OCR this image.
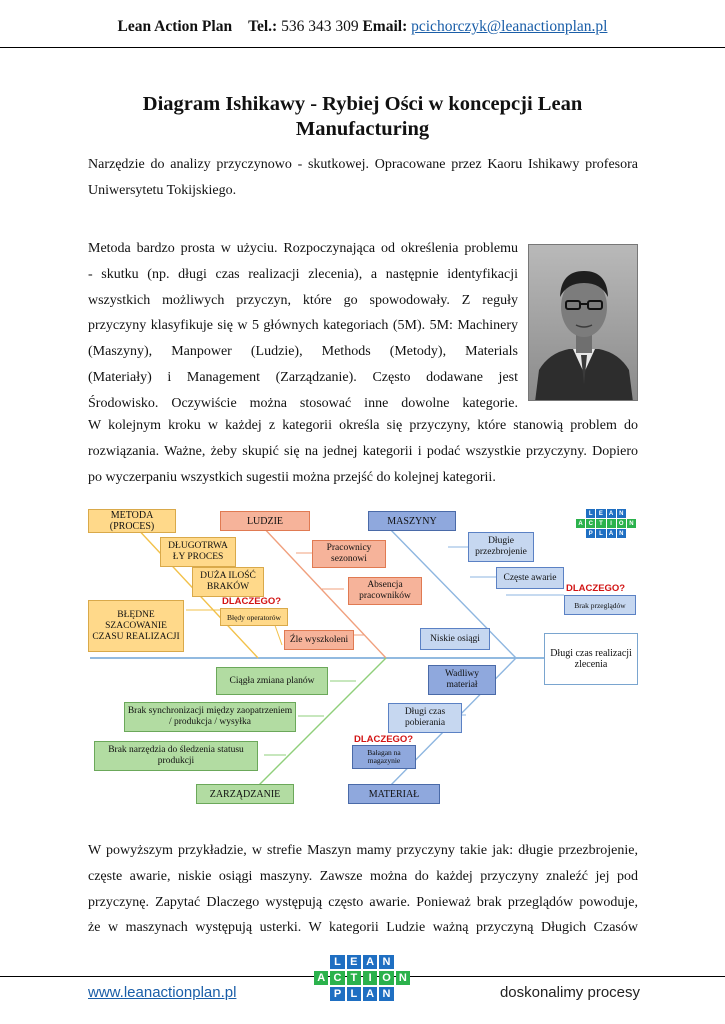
Lean Action Plan Tel.: 536 343 309 Email: pcichorczyk@leanactionplan.pl
Diagram Ishikawy - Rybiej Ości w koncepcji Lean
Manufacturing
Narzędzie do analizy przyczynowo - skutkowej. Opracowane przez Kaoru Ishikawy profesora
Uniwersytetu Tokijskiego.
Metoda bardzo prosta w użyciu. Rozpoczynająca od określenia problemu
- skutku (np. długi czas realizacji zlecenia), a następnie identyfikacji
wszystkich możliwych przyczyn, które go spowodowały. Z reguły
przyczyny klasyfikuje się w 5 głównych kategoriach (5M). 5M: Machinery
(Maszyny), Manpower (Ludzie), Methods (Metody), Materials
(Materiały) i Management (Zarządzanie). Często dodawane jest
Środowisko. Oczywiście można stosować inne dowolne kategorie.
W kolejnym kroku w każdej z kategorii określa się przyczyny, które stanowią problem do
rozwiązania. Ważne, żeby skupić się na jednej kategorii i podać wszystkie przyczyny. Dopiero
po wyczerpaniu wszystkich sugestii można przejść do kolejnej kategorii.
METODA (PROCES)	LUDZIE	MASZYNY
ZARZĄDZANIE	MATERIAŁ
Długi czas realizacji zlecenia
DŁUGOTRWA ŁY PROCES
DUŻA ILOŚĆ BRAKÓW
BŁĘDNE SZACOWANIE CZASU REALIZACJI
DLACZEGO?
Błędy operatorów
Pracownicy sezonowi
Absencja pracowników
Źle wyszkoleni
Długie przezbrojenie
Częste awarie
DLACZEGO?
Brak przeglądów
Niskie osiągi
Ciągła zmiana planów
Brak synchronizacji między zaopatrzeniem / produkcja / wysyłka
Brak narzędzia do śledzenia statusu produkcji
Wadliwy materiał
Długi czas pobierania
DLACZEGO?
Bałagan na magazynie
L	E A N
A C	T	I	O N
P	L	A N
W powyższym przykładzie, w strefie Maszyn mamy przyczyny takie jak: długie przezbrojenie,
częste awarie, niskie osiągi maszyny. Zawsze można do każdej przyczyny znaleźć jej pod
przyczynę. Zapytać Dlaczego występują często awarie. Ponieważ brak przeglądów powoduje,
że w maszynach występują usterki. W kategorii Ludzie ważną przyczyną Długich Czasów
www.leanactionplan.pl
L E A N
A C T	I O N
P L A N	doskonalimy procesy
